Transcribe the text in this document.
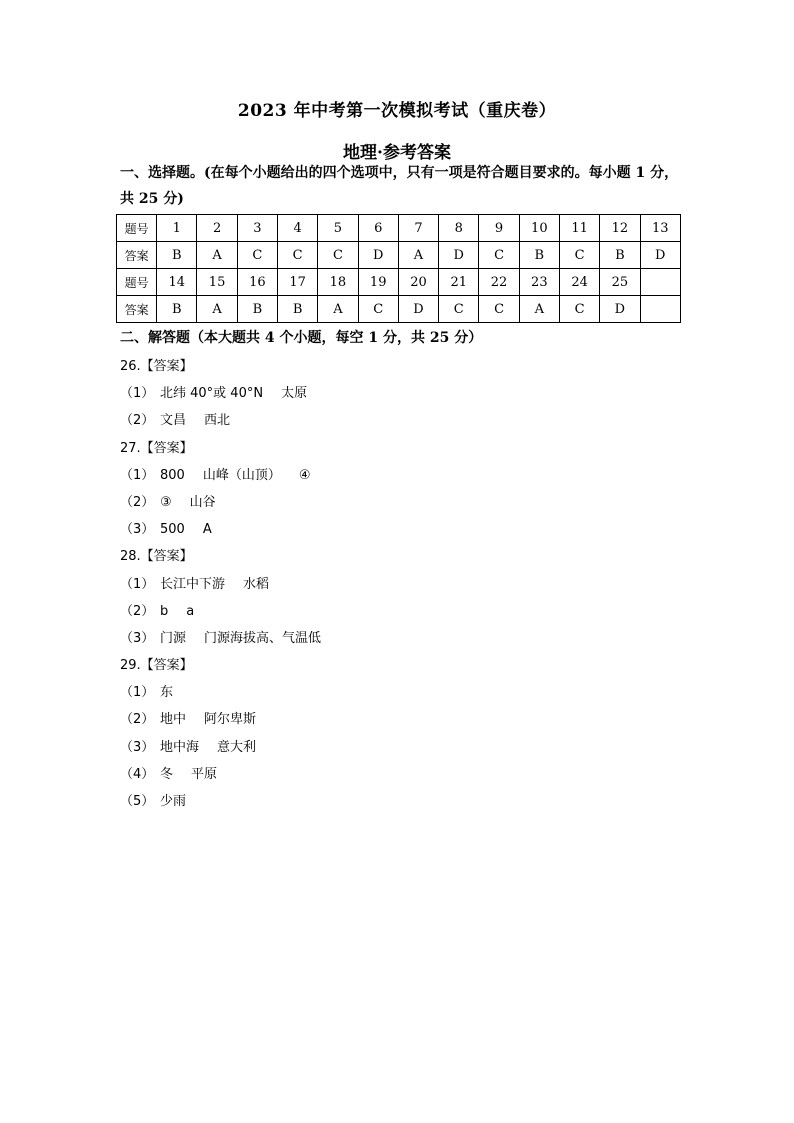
2023 年中考第一次模拟考试（重庆卷）
地理·参考答案
一、选择题。(在每个小题给出的四个选项中，只有一项是符合题目要求的。每小题 1 分，共 25 分)
题号	1	2	3	4	5	6	7	8	9	10	11	12	13
答案	B	A	C	C	C	D	A	D	C	B	C	B	D
题号	14	15	16	17	18	19	20	21	22	23	24	25	
答案	B	A	B	B	A	C	D	C	C	A	C	D	
二、解答题（本大题共 4 个小题，每空 1 分，共 25 分）
26.【答案】
（1） 北纬 40°或 40°N 太原
（2） 文昌 西北
27.【答案】
（1） 800 山峰（山顶） ④
（2） ③ 山谷
（3） 500 A
28.【答案】
（1） 长江中下游 水稻
（2） b a
（3） 门源 门源海拔高、气温低
29.【答案】
（1） 东
（2） 地中 阿尔卑斯
（3） 地中海 意大利
（4） 冬 平原
（5） 少雨
